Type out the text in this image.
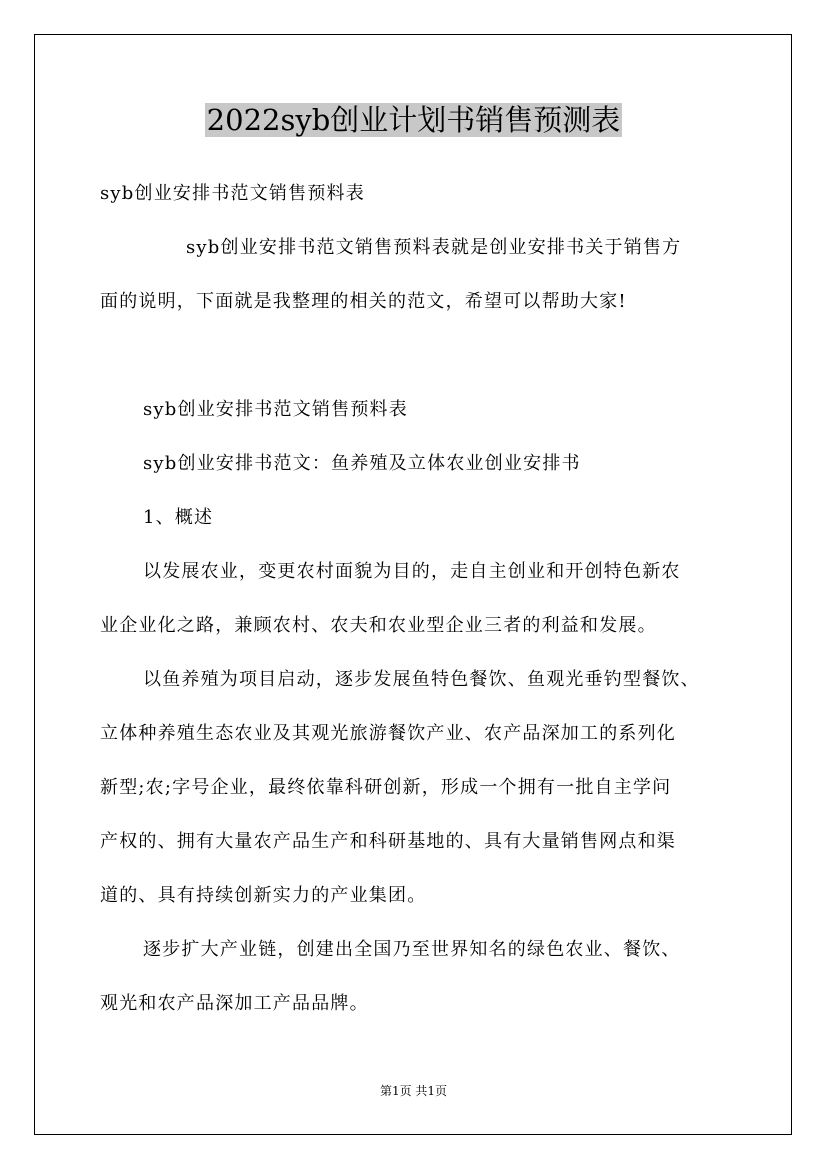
2022syb创业计划书销售预测表
syb创业安排书范文销售预料表
syb创业安排书范文销售预料表就是创业安排书关于销售方
面的说明，下面就是我整理的相关的范文，希望可以帮助大家!
syb创业安排书范文销售预料表
syb创业安排书范文：鱼养殖及立体农业创业安排书
1、概述
以发展农业，变更农村面貌为目的，走自主创业和开创特色新农
业企业化之路，兼顾农村、农夫和农业型企业三者的利益和发展。
以鱼养殖为项目启动，逐步发展鱼特色餐饮、鱼观光垂钓型餐饮、
立体种养殖生态农业及其观光旅游餐饮产业、农产品深加工的系列化
新型;农;字号企业，最终依靠科研创新，形成一个拥有一批自主学问
产权的、拥有大量农产品生产和科研基地的、具有大量销售网点和渠
道的、具有持续创新实力的产业集团。
逐步扩大产业链，创建出全国乃至世界知名的绿色农业、餐饮、
观光和农产品深加工产品品牌。
第1页 共1页
